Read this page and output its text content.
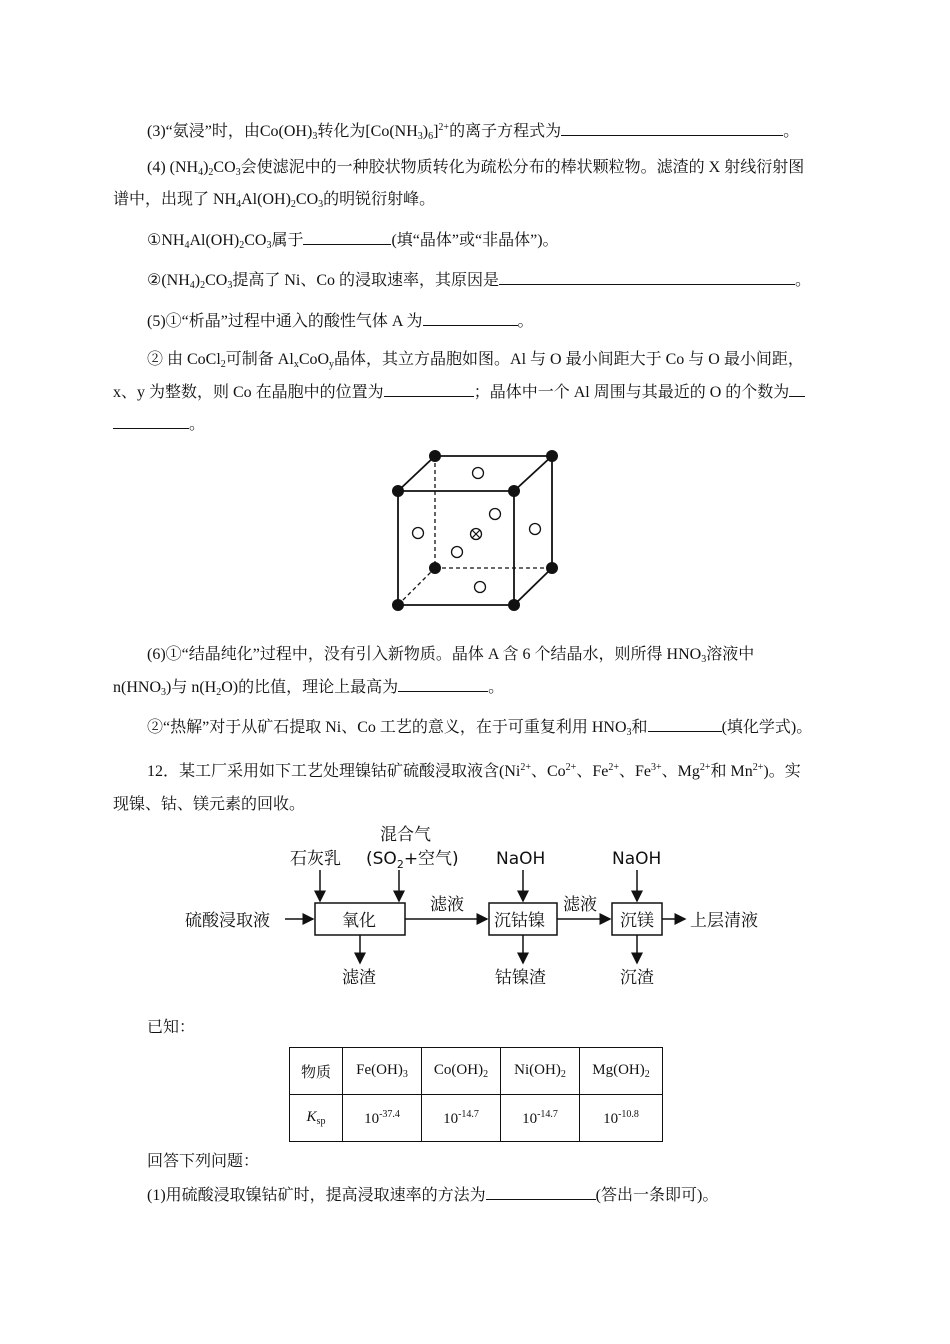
(3)“氨浸”时，由$Co(OH)_3$转化为$[Co(NH_3)_6]^{2+}$的离子方程式为	。
(4) $(NH_4)_2CO_3$会使滤泥中的一种胶状物质转化为疏松分布的棒状颗粒物。滤渣的 X 射线衍射图
谱中，出现了 $NH_4Al(OH)_2CO_3$的明锐衍射峰。
$①NH_4Al(OH)_2CO_3$属于	(填“晶体”或“非晶体”)。
$②(NH_4)_2CO_3$提高了 Ni、Co 的浸取速率，其原因是	。
(5)①“析晶”过程中通入的酸性气体 A 为	。
② 由 CoCl$_2$可制备 $Al_xCoO_y$晶体，其立方晶胞如图。Al 与 O 最小间距大于 Co 与 O 最小间距，
x、y 为整数，则 Co 在晶胞中的位置为	；晶体中一个 Al 周围与其最近的 O 的个数为
。
(6)①“结晶纯化”过程中，没有引入新物质。晶体 A 含 6 个结晶水，则所得 $HNO_3$溶液中
$n(HNO_3)$与 $n(H_2O)$的比值，理论上最高为	。
②“热解”对于从矿石提取 Ni、Co 工艺的意义，在于可重复利用 $HNO_3$和	(填化学式)。
12．某工厂采用如下工艺处理镍钴矿硫酸浸取液含($Ni^{2+}$、$Co^{2+}$、$Fe^{2+}$、$Fe^{3+}$、$Mg^{2+}$和 $Mn^{2+}$)。实
现镍、钴、镁元素的回收。
硫酸浸取液	氧化	沉钴镍	沉镁 上层清液
石灰乳
混合气
($SO_2+$空气) NaOH	NaOH
滤液	滤液
滤渣	钴镍渣	沉渣
已知：
物质	$Fe(OH)_3$	$Co(OH)_2$	$Ni(OH)_2$	$Mg(OH)_2$
$K_{sp}$	$10^{-37.4}$	$10^{-14.7}$	$10^{-14.7}$	$10^{-10.8}$
回答下列问题：
(1)用硫酸浸取镍钴矿时，提高浸取速率的方法为	(答出一条即可)。
